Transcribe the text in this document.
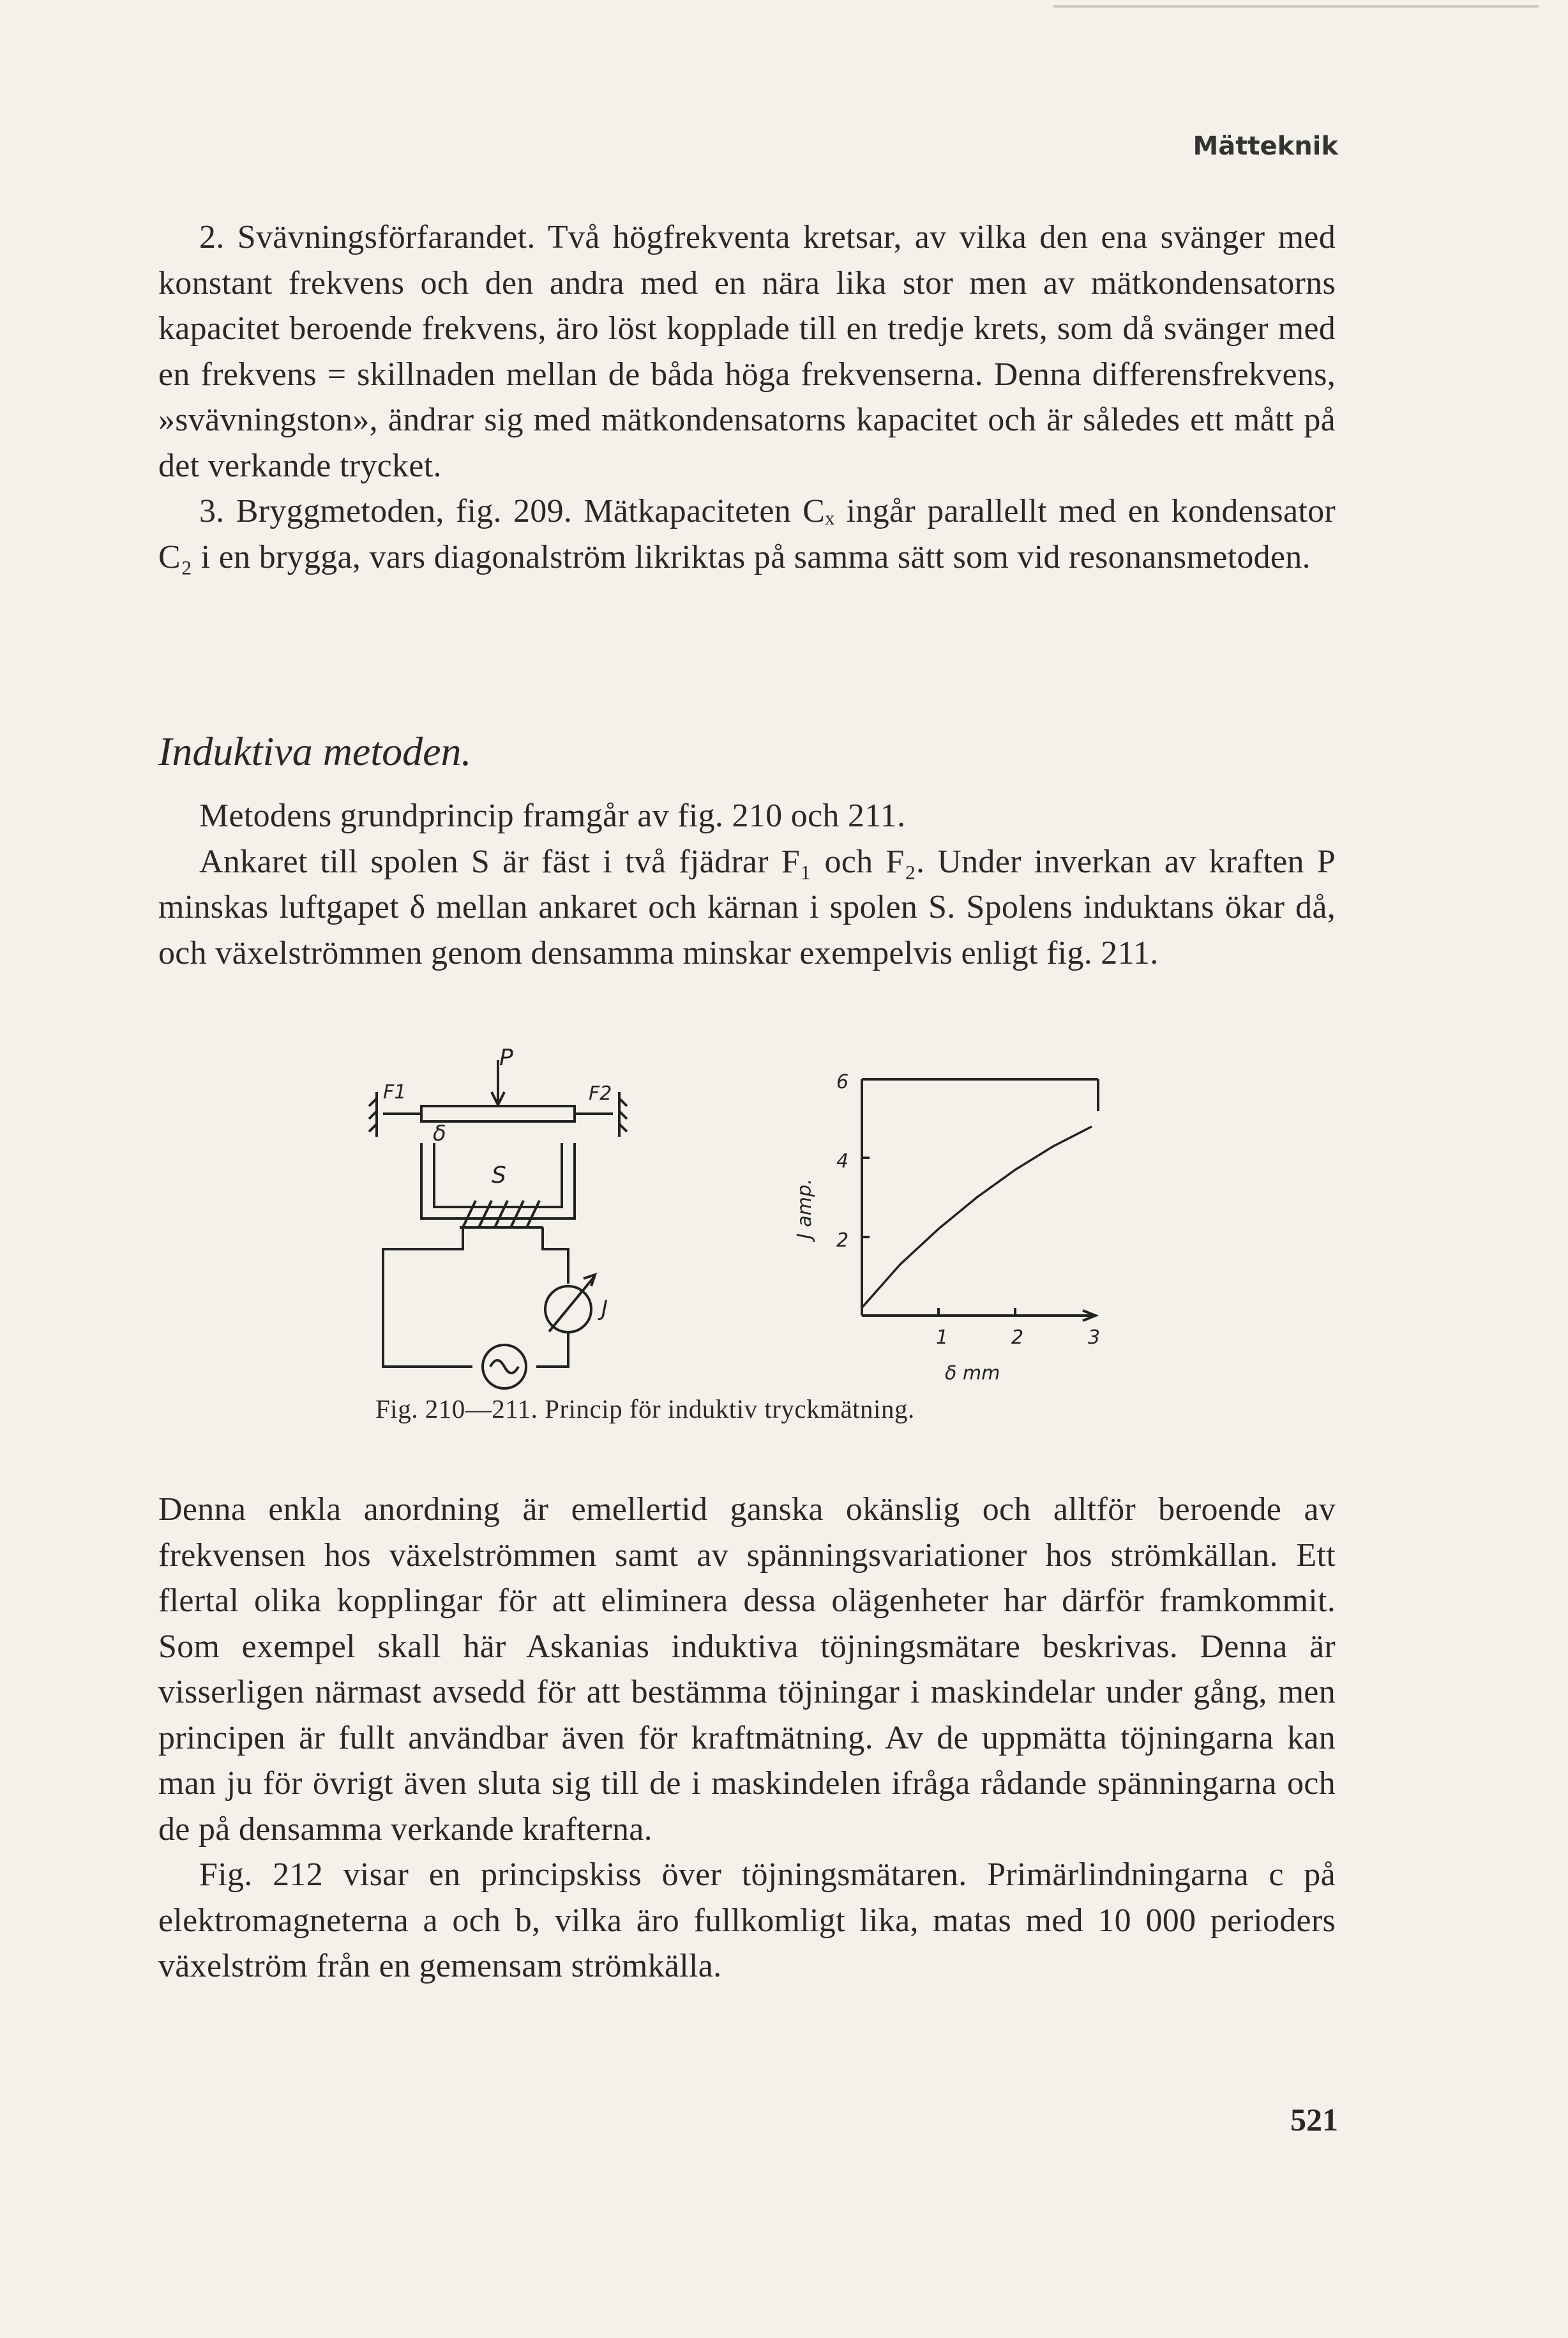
Mätteknik

2. Svävningsförfarandet. Två högfrekventa kretsar, av vilka den ena svänger med konstant frekvens och den andra med en nära lika stor men av mätkondensatorns kapacitet beroende frekvens, äro löst kopplade till en tredje krets, som då svänger med en frekvens = skillnaden mellan de båda höga frekvenserna. Denna differensfrekvens, »svävningston», ändrar sig med mätkondensatorns kapacitet och är således ett mått på det verkande trycket.

3. Bryggmetoden, fig. 209. Mätkapaciteten Cₓ ingår parallellt med en kondensator C₂ i en brygga, vars diagonalström likriktas på samma sätt som vid resonansmetoden.

Induktiva metoden.

Metodens grundprincip framgår av fig. 210 och 211.

Ankaret till spolen S är fäst i två fjädrar F₁ och F₂. Under inverkan av kraften P minskas luftgapet δ mellan ankaret och kärnan i spolen S. Spolens induktans ökar då, och växelströmmen genom densamma minskar exempelvis enligt fig. 211.

P
F1	F2
δ
S
J
6
4
2
1	2	3
δ mm
J amp.
Fig. 210—211. Princip för induktiv tryckmätning.

Denna enkla anordning är emellertid ganska okänslig och alltför beroende av frekvensen hos växelströmmen samt av spänningsvariationer hos strömkällan. Ett flertal olika kopplingar för att eliminera dessa olägenheter har därför framkommit. Som exempel skall här Askanias induktiva töjningsmätare beskrivas. Denna är visserligen närmast avsedd för att bestämma töjningar i maskindelar under gång, men principen är fullt användbar även för kraftmätning. Av de uppmätta töjningarna kan man ju för övrigt även sluta sig till de i maskindelen ifråga rådande spänningarna och de på densamma verkande krafterna.

Fig. 212 visar en principskiss över töjningsmätaren. Primärlindningarna c på elektromagneterna a och b, vilka äro fullkomligt lika, matas med 10 000 perioders växelström från en gemensam strömkälla.

521
